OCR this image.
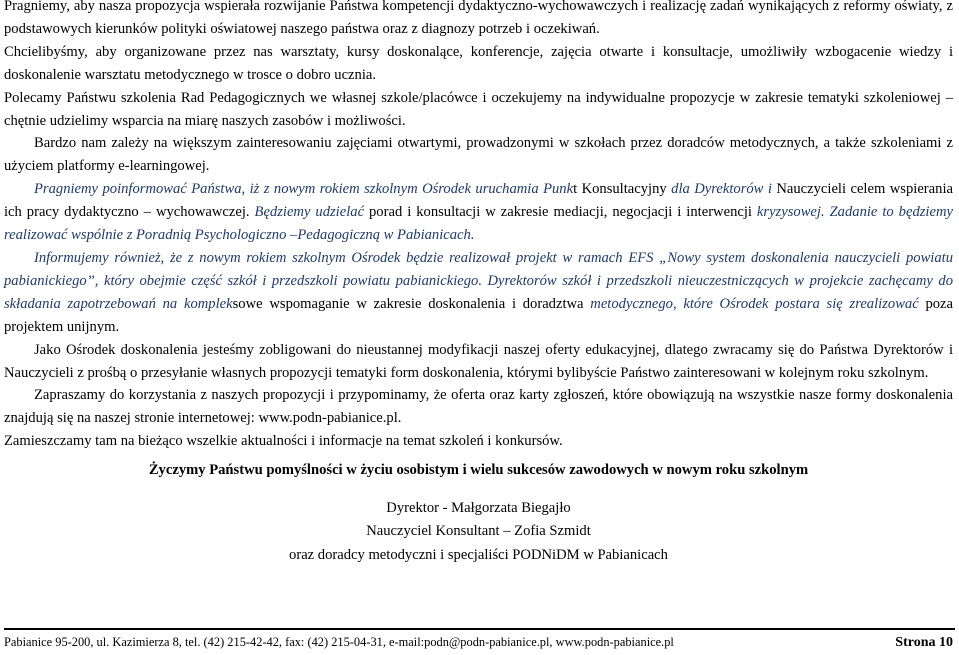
Pragniemy, aby nasza propozycja wspierała rozwijanie Państwa kompetencji dydaktyczno-wychowawczych i realizację zadań wynikających z reformy oświaty, z podstawowych kierunków polityki oświatowej naszego państwa oraz z diagnozy potrzeb i oczekiwań.

Chcielibyśmy, aby organizowane przez nas warsztaty, kursy doskonalące, konferencje, zajęcia otwarte i konsultacje, umożliwiły wzbogacenie wiedzy i doskonalenie warsztatu metodycznego w trosce o dobro ucznia.

Polecamy Państwu szkolenia Rad Pedagogicznych we własnej szkole/placówce i oczekujemy na indywidualne propozycje w zakresie tematyki szkoleniowej – chętnie udzielimy wsparcia na miarę naszych zasobów i możliwości.

Bardzo nam zależy na większym zainteresowaniu zajęciami otwartymi, prowadzonymi w szkołach przez doradców metodycznych, a także szkoleniami z użyciem platformy e-learningowej.

Pragniemy poinformować Państwa, iż z nowym rokiem szkolnym Ośrodek uruchamia Punkt Konsultacyjny dla Dyrektorów i Nauczycieli celem wspierania ich pracy dydaktyczno – wychowawczej. Będziemy udzielać porad i konsultacji w zakresie mediacji, negocjacji i interwencji kryzysowej. Zadanie to będziemy realizować wspólnie z Poradnią Psychologiczno –Pedagogiczną w Pabianicach.

Informujemy również, że z nowym rokiem szkolnym Ośrodek będzie realizował projekt w ramach EFS „Nowy system doskonalenia nauczycieli powiatu pabianickiego”, który obejmie część szkół i przedszkoli powiatu pabianickiego. Dyrektorów szkół i przedszkoli nieuczestniczących w projekcie zachęcamy do składania zapotrzebowań na kompleksowe wspomaganie w zakresie doskonalenia i doradztwa metodycznego, które Ośrodek postara się zrealizować poza projektem unijnym.

Jako Ośrodek doskonalenia jesteśmy zobligowani do nieustannej modyfikacji naszej oferty edukacyjnej, dlatego zwracamy się do Państwa Dyrektorów i Nauczycieli z prośbą o przesyłanie własnych propozycji tematyki form doskonalenia, którymi bylibyście Państwo zainteresowani w kolejnym roku szkolnym.

Zapraszamy do korzystania z naszych propozycji i przypominamy, że oferta oraz karty zgłoszeń, które obowiązują na wszystkie nasze formy doskonalenia znajdują się na naszej stronie internetowej: www.podn-pabianice.pl.

Zamieszczamy tam na bieżąco wszelkie aktualności i informacje na temat szkoleń i konkursów.

Życzymy Państwu pomyślności w życiu osobistym i wielu sukcesów zawodowych w nowym roku szkolnym

Dyrektor - Małgorzata Biegajło

Nauczyciel Konsultant – Zofia Szmidt

oraz doradcy metodyczni i specjaliści PODNiDM w Pabianicach

Pabianice 95-200, ul. Kazimierza 8, tel. (42) 215-42-42, fax: (42) 215-04-31, e-mail:podn@podn-pabianice.pl, www.podn-pabianice.pl	Strona 10
